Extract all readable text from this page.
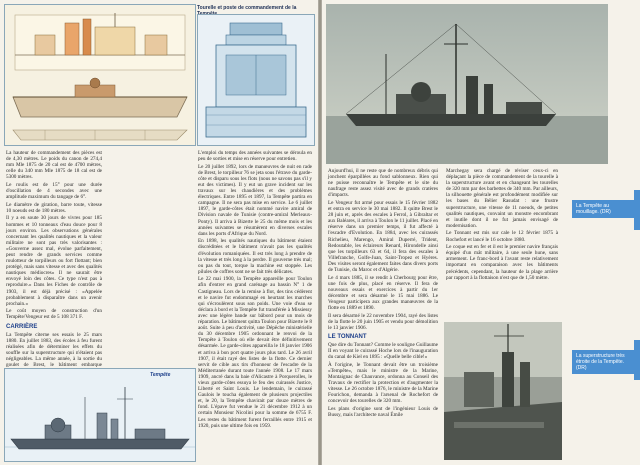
Tourelle et poste de commandement de la

La hauteur de commandement des pièces est de 4,30 mètres. Le poids du canon de 274,4 mm Mle 1875 de 20 cal est de 4700 mètres, celle du 340 mm Mle 1875 de 18 cal est de 5300 mètres.

Le roulis est de 15° pour une durée d'oscillation de 4 secondes avec une amplitude maximum du tangage de 6°.

Le diamètre de giration, barre toute, vitesse 10 noeuds est de 180 mètres.

Il y a en soute 30 jours de vivres pour 185 hommes et 10 tonneaux d'eau douce pour 8 jours environ. Les observations générales concernant les qualités nautiques et la valeur militaire ne sont pas très valorisantes : «Gouverne assez mal, évolue parfaitement, peut rendre de grands services comme roulotteur de torpilleurs ou fort flottant; bien protégé, mais sans vitesse et avec des qualités nautiques médiocres» Il ne saurait être envoyé loin des côtes. Ce type n'est pas à reproduire.» Dans les Fiches de contrôle de 1903, il est déjà précisé : «Appelée probablement à disparaître dans un avenir prochain.»

Le coût moyen de construction d'un Tempête/Vengeur est de 5 108 371 F.

CARRIÈRE

La Tempête citerne ses essais le 25 mars 1880. En juillet 1883, des écoles à feu furent réalisées afin de déterminer les effets du souffle sur la superstructure qui n'étaient pas négligeables. La même année, à la sortie du goulet de Brest, le bâtiment embarque

L'emploi du temps des années suivantes se déroula en peu de sorties et mise en réserve pour entretien.

Le 20 juillet 1892, lors de manœuvres de nuit en rade de Brest, le torpilleur 76 se jeta sous l'étrave du garde-côte et disparu sous les flots (nous ne savons pas s'il y eut des victimes). Il y eut un grave incident sur les travaux sur les chaudières et des problèmes électriques. Entre 1895 et 1897, la Tempête partira en campagne. Il ne sera pas mise en service. Le 6 juillet 1897, le garde-côtes était nommé navire amiral de Division navale de Tunisie (contre-amiral Merleaux-Ponty). Il arriva à Bizerte le 25 du même mois et les années suivantes se résumèrent en diverses escales dans les ports d'Afrique du Nord.

En 1898, les qualités nautiques du bâtiment étaient discréditées et le bâtiment n'avait pas les qualités d'évolution romaniquées. Il est très long à prendre de la vitesse et très long à la perdre. Il gouverne très mal; ou pas du tout, torque la machine est stoppée. Les pilules de coffres sont ne se fait très délicates.

Le 22 mai 1900, la Tempête appareille pour Toulon afin d'entrer en grand carénage au bassin N° 1 de Castigneau. Lors de la remise à flot, des tins cédèrent et le navire fut endommagé en heurtant les marches qui s'écroulèrent sous son poids. Une voie d'eau se déclara à bord et la Tempête fut transférée à Missiessy avec une légère bande sur bâbord pour un mois de réparation. Le bâtiment quitta Toulon pour Bizerte le 8 août. Suite à peu d'activité, une Dépêche ministérielle du 30 décembre 1905 ordonnant le renvoi de la Tempête à Toulon où elle devait être définitivement désarmée. Le garde-côtes appareilla le 18 janvier 1906 et arriva à bon port quatre jours plus tard. Le 26 avril 1907, il était rayé des listes de la flotte. Ce dernier servit de cible aux tirs d'honneur de l'escadre de la Méditerranée durant toute l'année 1908. Le 17 mars 1909, ancré dans la baie d'Alicastre à Porquerolles, le vieux garde-côtes essuya le feu des cuirassés Justice, Liberté et Saint Louis. Le lendemain, le cuirassé Gaulois le toucha également de plusieurs projectiles et, le 20, la Tempête chavirait par douze mètres de fond. L'épave fut vendue le 21 décembre 1912 à un certain Monsieur Nicolini pour la somme de 6755 F. Les restes du bâtiment furent ferraillés entre 1915 et 1920, puis une ultime fois en 1959.

Tempête
La Tempête au mouillage. (DR)

Aujourd'hui, il ne reste que de nombreux débris qui jonchent éparpillées au fond sablonneux. Rien qui ne puisse reconnaître le Tempête et le site du naufrage reste assez visité avec de grands cratères d'impacts.

Le Vengeur fut armé pour essais le 15 février 1882 et entra en service le 30 mai 1882. Il quitte Brest le 28 juin et, après des escales à Ferrol, à Gibraltar et aux Baléares, il arriva à Toulon le 11 juillet. Placé en réserve dans un premier temps, il fut affecté à l'escadre d'Evolution. En 1884, avec les cuirassés Richelieu, Marengo, Amiral Duperré, Trident, Redoutable, les éclaireurs Renard, Hirondelle ainsi que les torpilleurs 63 et 64, il fera des escales à Villefranche, Golfe-Juan, Saint-Tropez et Hyères. Des visites seront également faites dans divers ports de Tunisie, du Maroc et d'Algérie.

Le 4 mars 1885, il se rendit à Cherbourg pour être, une fois de plus, placé en réserve. Il fera de nouveaux essais et exercices à partir du 1er décembre et sera désarmé le 15 mai 1886. Le Vengeur participera aux grandes manœuvres de la flotte en 1889 et 1890.

Il sera désarmé le 22 novembre 1904, rayé des listes de la flotte le 20 juin 1905 et vendu pour démolition le 13 janvier 1906.

LE TONNANT

Que dire du Tonnant? Comme le souligne Guillaume II en voyant le cuirassé Hoche lors de l'inauguration du canal de Kiel en 1895 : «Quelle belle cible!»

À l'origine, le Tonnant devait être un troisième «Tempête», mais le ministre de la Marine, Montaignac de Chauvance, ordonna au Conseil des Travaux de rectifier la protection et d'augmenter la vitesse. Le 26 octobre 1876, le ministre de la Marine Fourichon, demanda à l'arsenal de Rochefort de concevoir des tourelles de 320 mm.

Les plans d'origine sont de l'ingénieur Louis de Bussy, mais l'architecte naval Émile

Marchegay sera chargé de réviser ceux-ci en déplaçant la pièce de commandement de la tourelle à la superstructure avant et en changeant les tourelles de 320 mm par des barbettes de 340 mm. Par ailleurs, la silhouette générale est profondément modifiée sur les bases du Bélier Rasudat : une frustre superstructure, une vitesse de 11 noeuds, de petites qualités nautiques, convaint un monstre encombrant et inutile dont il ne fut jamais envisagé de modernisation.

Le Tonnant est mis sur cale le 12 février 1875 à Rochefort et lancé le 16 octobre 1880.

Le coque est en fer et il est le premier navire français équipé d'un mât militaire, à une seule hune, sans armement. Le franc-bord à l'avant reste relativement important en comparaison avec les bâtiments précédents, cependant, la hauteur de la plage arrière par rapport à la flottaison n'est que de 1,50 mètre.

La superstructure très étroite de la Tempête. (DR)
